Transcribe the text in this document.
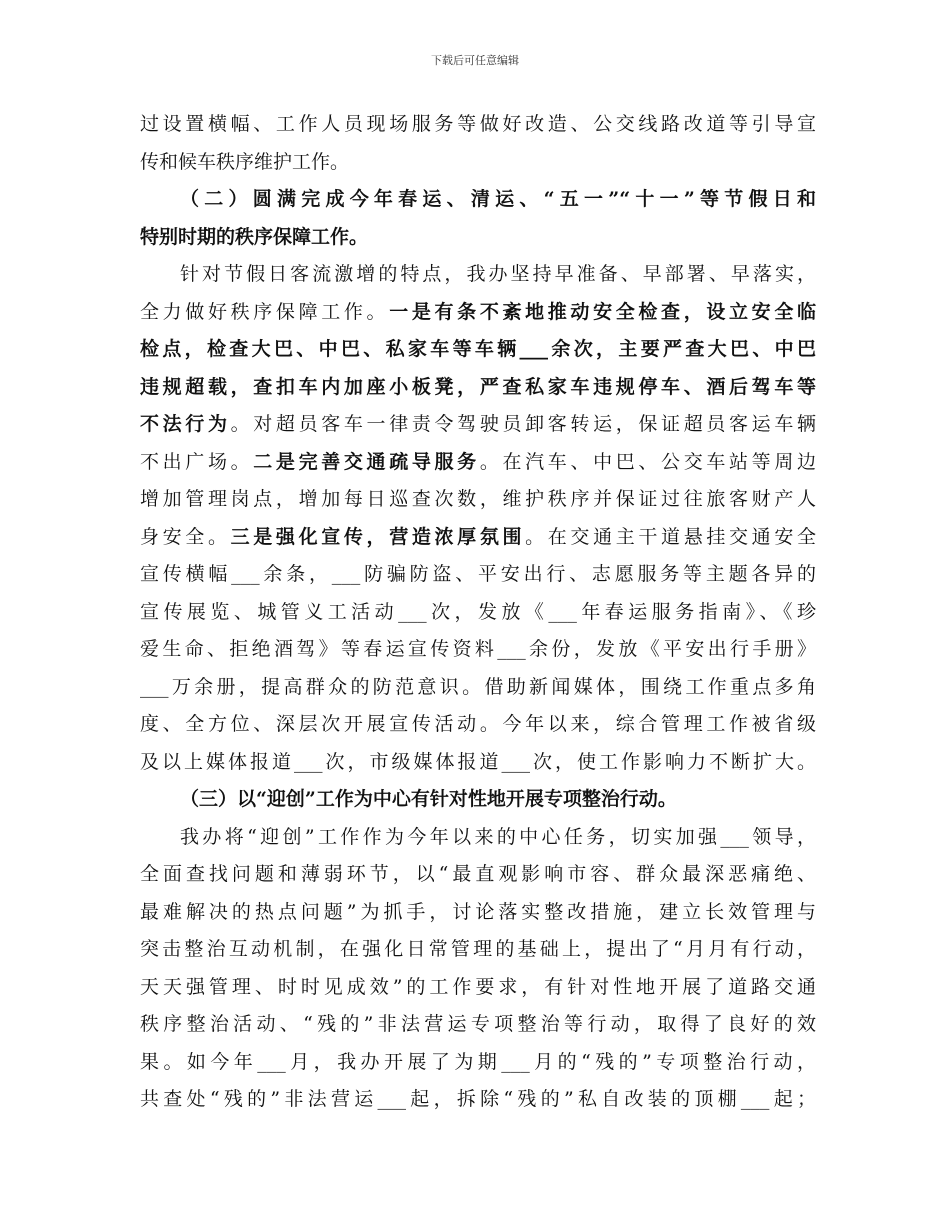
下载后可任意编辑
过设置横幅、工作人员现场服务等做好改造、公交线路改道等引导宣
传和候车秩序维护工作。
（二）圆满完成今年春运、清运、“五一”“十一”等节假日和
特别时期的秩序保障工作。
针对节假日客流激增的特点，我办坚持早准备、早部署、早落实，
全力做好秩序保障工作。一是有条不紊地推动安全检查，设立安全临
检点，检查大巴、中巴、私家车等车辆___余次，主要严查大巴、中巴
违规超载，查扣车内加座小板凳，严查私家车违规停车、酒后驾车等
不法行为。对超员客车一律责令驾驶员卸客转运，保证超员客运车辆
不出广场。二是完善交通疏导服务。在汽车、中巴、公交车站等周边
增加管理岗点，增加每日巡查次数，维护秩序并保证过往旅客财产人
身安全。三是强化宣传，营造浓厚氛围。在交通主干道悬挂交通安全
宣传横幅___余条，___防骗防盗、平安出行、志愿服务等主题各异的
宣传展览、城管义工活动___次，发放《___年春运服务指南》、《珍
爱生命、拒绝酒驾》等春运宣传资料___余份，发放《平安出行手册》
___万余册，提高群众的防范意识。借助新闻媒体，围绕工作重点多角
度、全方位、深层次开展宣传活动。今年以来，综合管理工作被省级
及以上媒体报道___次，市级媒体报道___次，使工作影响力不断扩大。
（三）以“迎创”工作为中心有针对性地开展专项整治行动。
我办将“迎创”工作作为今年以来的中心任务，切实加强___领导，
全面查找问题和薄弱环节，以“最直观影响市容、群众最深恶痛绝、
最难解决的热点问题”为抓手，讨论落实整改措施，建立长效管理与
突击整治互动机制，在强化日常管理的基础上，提出了“月月有行动，
天天强管理、时时见成效”的工作要求，有针对性地开展了道路交通
秩序整治活动、“残的”非法营运专项整治等行动，取得了良好的效
果。如今年___月，我办开展了为期___月的“残的”专项整治行动，
共查处“残的”非法营运___起，拆除“残的”私自改装的顶棚___起；
